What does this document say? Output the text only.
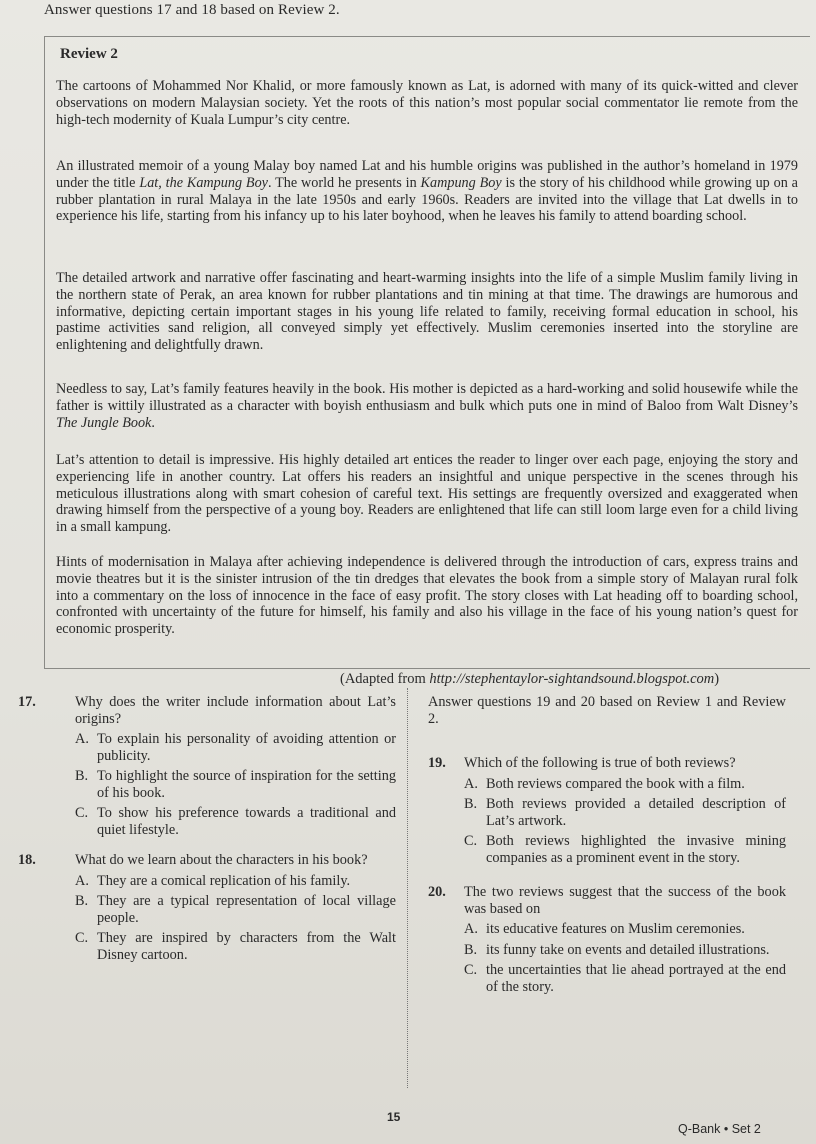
Answer questions 17 and 18 based on Review 2.
Review 2
The cartoons of Mohammed Nor Khalid, or more famously known as Lat, is adorned with many of its quick-witted and clever observations on modern Malaysian society. Yet the roots of this nation’s most popular social commentator lie remote from the high-tech modernity of Kuala Lumpur’s city centre.
An illustrated memoir of a young Malay boy named Lat and his humble origins was published in the author’s homeland in 1979 under the title Lat, the Kampung Boy. The world he presents in Kampung Boy is the story of his childhood while growing up on a rubber plantation in rural Malaya in the late 1950s and early 1960s. Readers are invited into the village that Lat dwells in to experience his life, starting from his infancy up to his later boyhood, when he leaves his family to attend boarding school.
The detailed artwork and narrative offer fascinating and heart-warming insights into the life of a simple Muslim family living in the northern state of Perak, an area known for rubber plantations and tin mining at that time. The drawings are humorous and informative, depicting certain important stages in his young life related to family, receiving formal education in school, his pastime activities sand religion, all conveyed simply yet effectively. Muslim ceremonies inserted into the storyline are enlightening and delightfully drawn.
Needless to say, Lat’s family features heavily in the book. His mother is depicted as a hard-working and solid housewife while the father is wittily illustrated as a character with boyish enthusiasm and bulk which puts one in mind of Baloo from Walt Disney’s The Jungle Book.
Lat’s attention to detail is impressive. His highly detailed art entices the reader to linger over each page, enjoying the story and experiencing life in another country. Lat offers his readers an insightful and unique perspective in the scenes through his meticulous illustrations along with smart cohesion of careful text. His settings are frequently oversized and exaggerated when drawing himself from the perspective of a young boy. Readers are enlightened that life can still loom large even for a child living in a small kampung.
Hints of modernisation in Malaya after achieving independence is delivered through the introduction of cars, express trains and movie theatres but it is the sinister intrusion of the tin dredges that elevates the book from a simple story of Malayan rural folk into a commentary on the loss of innocence in the face of easy profit. The story closes with Lat heading off to boarding school, confronted with uncertainty of the future for himself, his family and also his village in the face of his young nation’s quest for economic prosperity.
(Adapted from http://stephentaylor-sightandsound.blogspot.com)
17.	Why does the writer include information about Lat’s origins?
A. To explain his personality of avoiding attention or publicity.
B. To highlight the source of inspiration for the setting of his book.
C. To show his preference towards a traditional and quiet lifestyle.
18.	What do we learn about the characters in his book?
A. They are a comical replication of his family.
B. They are a typical representation of local village people.
C. They are inspired by characters from the Walt Disney cartoon.
Answer questions 19 and 20 based on Review 1 and Review 2.
19. Which of the following is true of both reviews?
A. Both reviews compared the book with a film.
B. Both reviews provided a detailed description of Lat’s artwork.
C. Both reviews highlighted the invasive mining companies as a prominent event in the story.
20. The two reviews suggest that the success of the book was based on
A. its educative features on Muslim ceremonies.
B. its funny take on events and detailed illustrations.
C. the uncertainties that lie ahead portrayed at the end of the story.
15
Q-Bank • Set 2
